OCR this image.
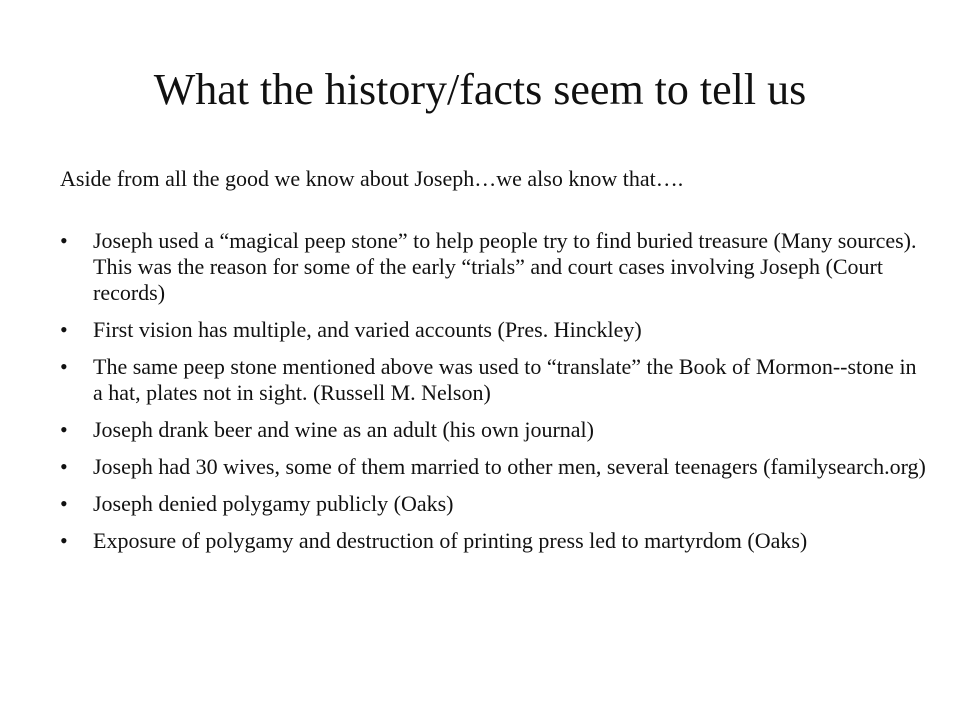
What the history/facts seem to tell us
Aside from all the good we know about Joseph…we also know that….
•	Joseph used a “magical peep stone” to help people try to find buried treasure (Many sources). This was the reason for some of the early “trials” and court cases involving Joseph (Court records)
•	First vision has multiple, and varied accounts (Pres. Hinckley)
•	The same peep stone mentioned above was used to “translate” the Book of Mormon--stone in a hat, plates not in sight. (Russell M. Nelson)
•	Joseph drank beer and wine as an adult (his own journal)
•	Joseph had 30 wives, some of them married to other men, several teenagers (familysearch.org)
•	Joseph denied polygamy publicly (Oaks)
•	Exposure of polygamy and destruction of printing press led to martyrdom (Oaks)
